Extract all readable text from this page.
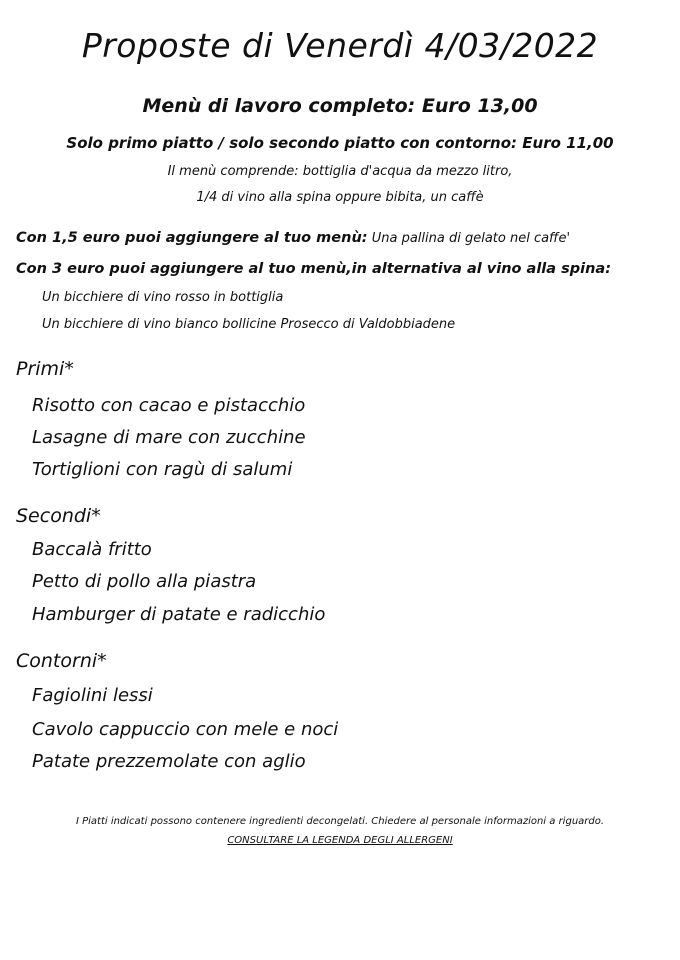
Proposte di Venerdì 4/03/2022
Menù di lavoro completo: Euro 13,00
Solo primo piatto / solo secondo piatto con contorno: Euro 11,00
Il menù comprende: bottiglia d'acqua da mezzo litro,
1/4 di vino alla spina oppure bibita, un caffè
Con 1,5 euro puoi aggiungere al tuo menù: Una pallina di gelato nel caffe'
Con 3 euro puoi aggiungere al tuo menù,in alternativa al vino alla spina:
Un bicchiere di vino rosso in bottiglia
Un bicchiere di vino bianco bollicine Prosecco di Valdobbiadene
Primi*
Risotto con cacao e pistacchio
Lasagne di mare con zucchine
Tortiglioni con ragù di salumi
Secondi*
Baccalà fritto
Petto di pollo alla piastra
Hamburger di patate e radicchio
Contorni*
Fagiolini lessi
Cavolo cappuccio con mele e noci
Patate prezzemolate con aglio
I Piatti indicati possono contenere ingredienti decongelati. Chiedere al personale informazioni a riguardo.
CONSULTARE LA LEGENDA DEGLI ALLERGENI
